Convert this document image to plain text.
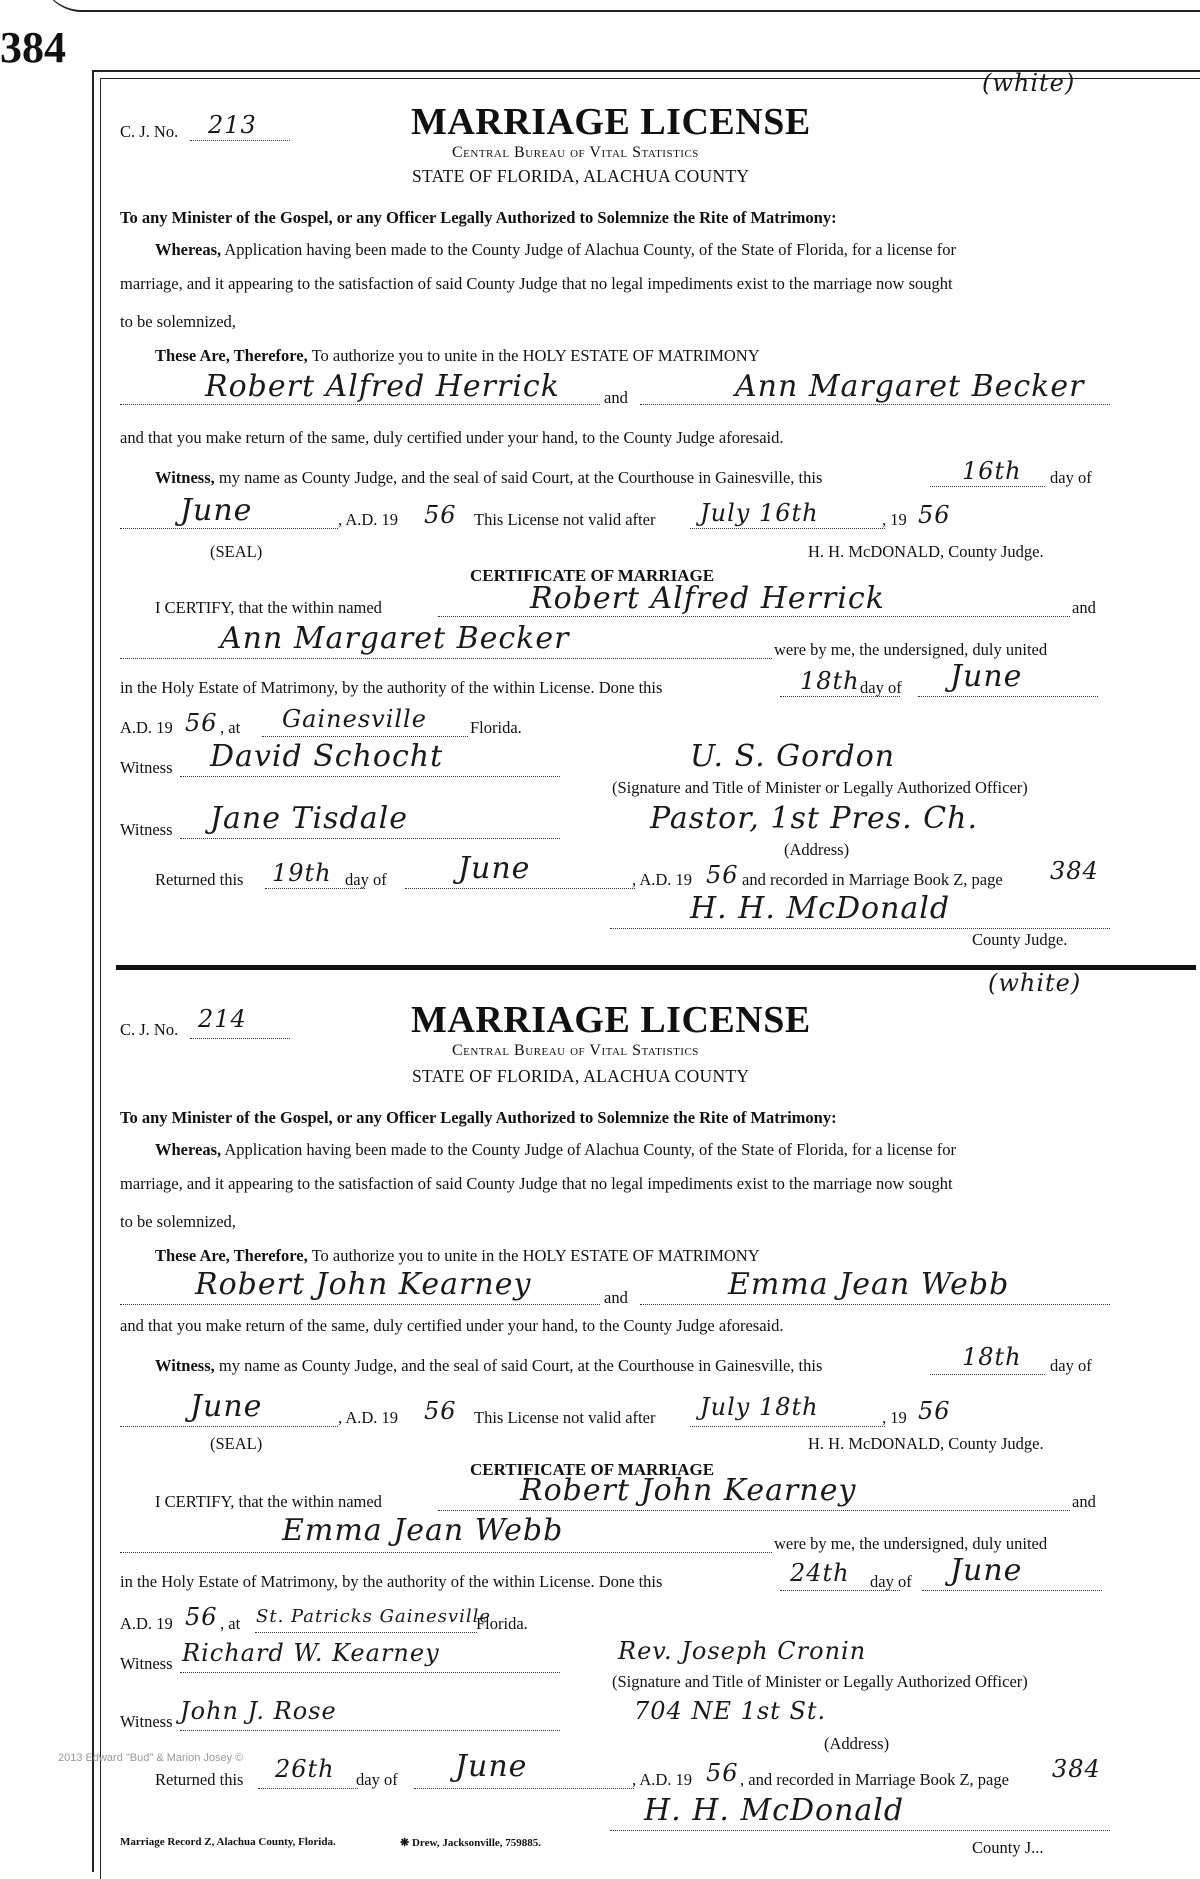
384
(white)
C. J. No. 213	MARRIAGE LICENSE
Central Bureau of Vital Statistics
STATE OF FLORIDA, ALACHUA COUNTY
To any Minister of the Gospel, or any Officer Legally Authorized to Solemnize the Rite of Matrimony:
Whereas, Application having been made to the County Judge of Alachua County, of the State of Florida, for a license for
marriage, and it appearing to the satisfaction of said County Judge that no legal impediments exist to the marriage now sought
to be solemnized,
These Are, Therefore, To authorize you to unite in the HOLY ESTATE OF MATRIMONY
Robert Alfred Herrick	and	Ann Margaret Becker
and that you make return of the same, duly certified under your hand, to the County Judge aforesaid.
Witness, my name as County Judge, and the seal of said Court, at the Courthouse in Gainesville, this	16th day of
June	, A.D. 19 56 This License not valid after July 16th	, 19 56
(SEAL)	H. H. McDONALD, County Judge.
CERTIFICATE OF MARRIAGE
I CERTIFY, that the within named	Robert Alfred Herrick	and
Ann Margaret Becker	were by me, the undersigned, duly united
in the Holy Estate of Matrimony, by the authority of the within License. Done this	18th day of June
A.D. 19 56 , at Gainesville	Florida.
Witness David Schocht	U. S. Gordon
(Signature and Title of Minister or Legally Authorized Officer)
Witness Jane Tisdale	Pastor, 1st Pres. Ch.
(Address)
Returned this 19th day of June	, A.D. 19 56 and recorded in Marriage Book Z, page 384
H. H. McDonald
County Judge.
(white)
C. J. No. 214	MARRIAGE LICENSE
Central Bureau of Vital Statistics
STATE OF FLORIDA, ALACHUA COUNTY
To any Minister of the Gospel, or any Officer Legally Authorized to Solemnize the Rite of Matrimony:
Whereas, Application having been made to the County Judge of Alachua County, of the State of Florida, for a license for
marriage, and it appearing to the satisfaction of said County Judge that no legal impediments exist to the marriage now sought
to be solemnized,
These Are, Therefore, To authorize you to unite in the HOLY ESTATE OF MATRIMONY
Robert John Kearney	and	Emma Jean Webb
and that you make return of the same, duly certified under your hand, to the County Judge aforesaid.
Witness, my name as County Judge, and the seal of said Court, at the Courthouse in Gainesville, this	18th day of
June	, A.D. 19 56 This License not valid after July 18th	, 19 56
(SEAL)	H. H. McDONALD, County Judge.
CERTIFICATE OF MARRIAGE
I CERTIFY, that the within named	Robert John Kearney	and
Emma Jean Webb	were by me, the undersigned, duly united
in the Holy Estate of Matrimony, by the authority of the within License. Done this	24th day of June
A.D. 19 56 , at St. Patricks Gainesville
Florida.
Witness Richard W. Kearney	Rev. Joseph Cronin
(Signature and Title of Minister or Legally Authorized Officer)
Witness John J. Rose	704 NE 1st St.
(Address)
Returned this 26th day of June	, A.D. 19 56 , and recorded in Marriage Book Z, page 384
H. H. McDonald
2013 Edward "Bud" & Marion Josey ©
Marriage Record Z, Alachua County, Florida.	❋ Drew, Jacksonville, 759885.	County J...
